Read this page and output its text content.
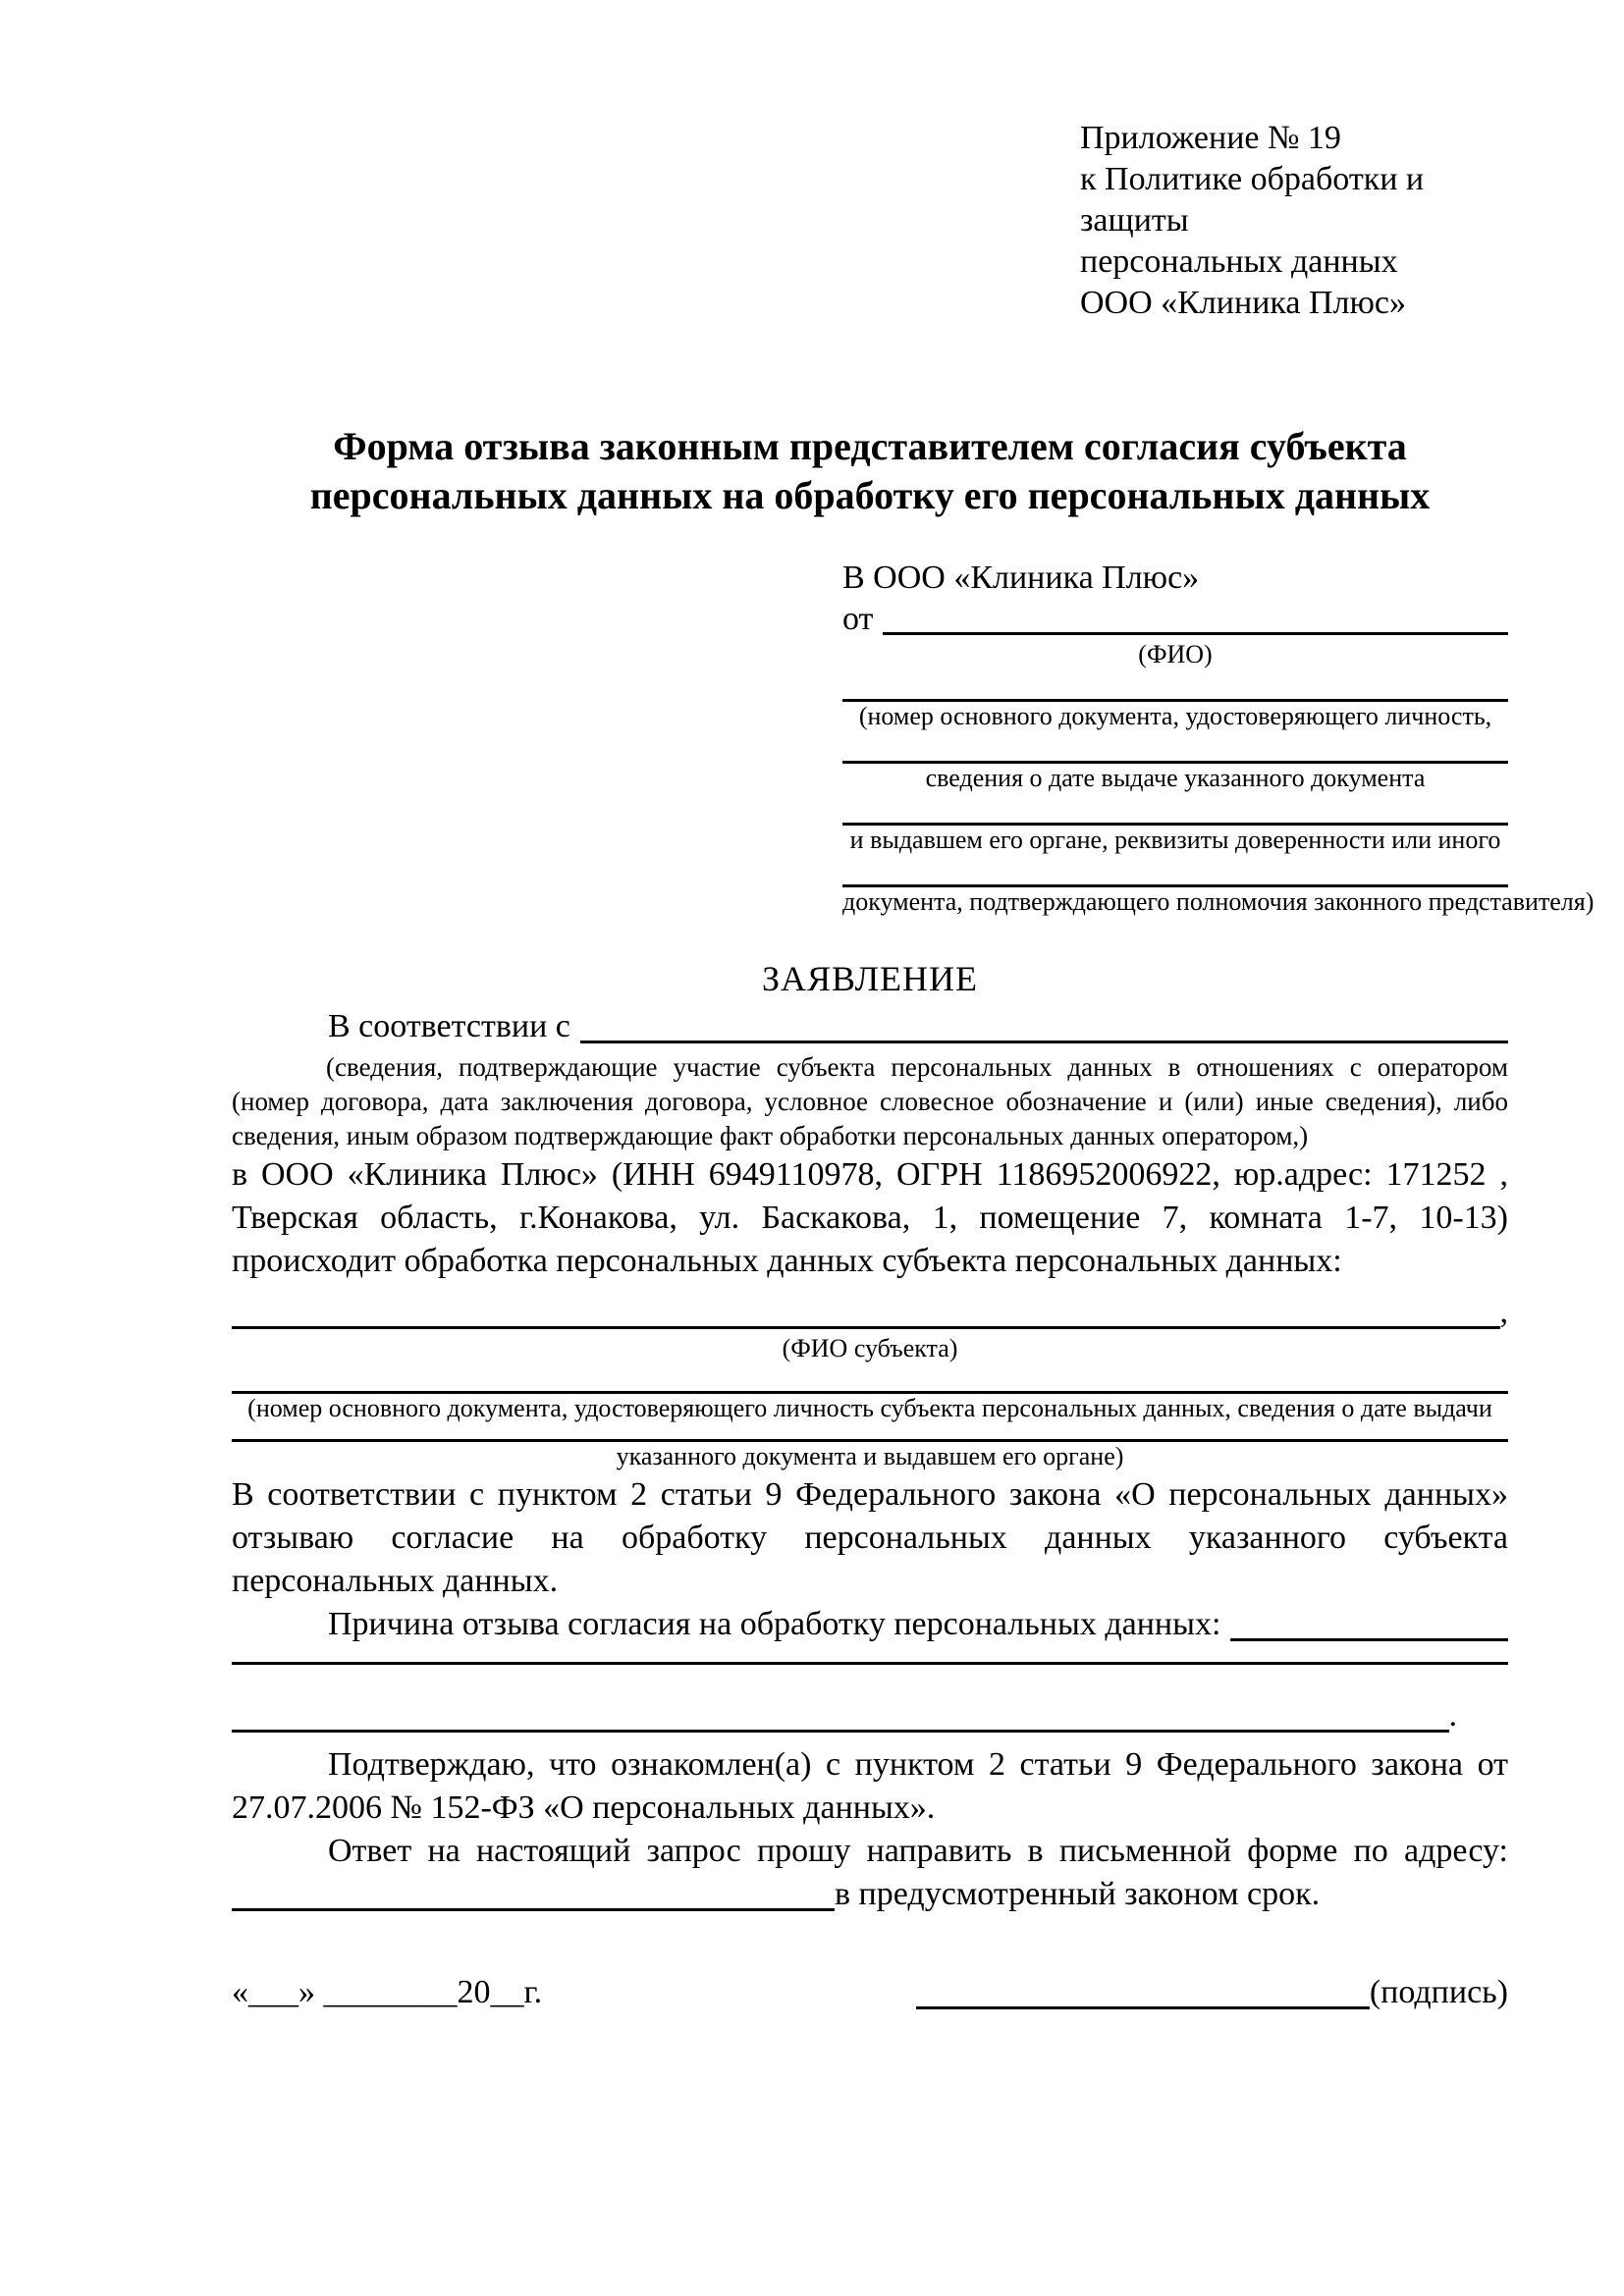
Приложение № 19
к Политике обработки и защиты
персональных данных
ООО «Клиника Плюс»
Форма отзыва законным представителем согласия субъекта
персональных данных на обработку его персональных данных
В ООО «Клиника Плюс»
от
(ФИО)
(номер основного документа, удостоверяющего личность,
сведения о дате выдаче указанного документа
и выдавшем его органе, реквизиты доверенности или иного
документа, подтверждающего полномочия законного представителя)
ЗАЯВЛЕНИЕ
В соответствии с
(сведения, подтверждающие участие субъекта персональных данных в отношениях с оператором (номер договора, дата заключения договора, условное словесное обозначение и (или) иные сведения), либо сведения, иным образом подтверждающие факт обработки персональных данных оператором,)
в ООО «Клиника Плюс» (ИНН 6949110978, ОГРН 1186952006922, юр.адрес: 171252 , Тверская область, г.Конакова, ул. Баскакова, 1, помещение 7, комната 1-7, 10-13) происходит обработка персональных данных субъекта персональных данных:
,
(ФИО субъекта)
(номер основного документа, удостоверяющего личность субъекта персональных данных, сведения о дате выдачи
указанного документа и выдавшем его органе)
В соответствии с пунктом 2 статьи 9 Федерального закона «О персональных данных» отзываю согласие на обработку персональных данных указанного субъекта персональных данных.
Причина отзыва согласия на обработку персональных данных:
.
Подтверждаю, что ознакомлен(а) с пунктом 2 статьи 9 Федерального закона от 27.07.2006 № 152-ФЗ «О персональных данных».
Ответ на настоящий запрос прошу направить в письменной форме по адресу:
в предусмотренный законом срок.
«___» ________20__г.	(подпись)
